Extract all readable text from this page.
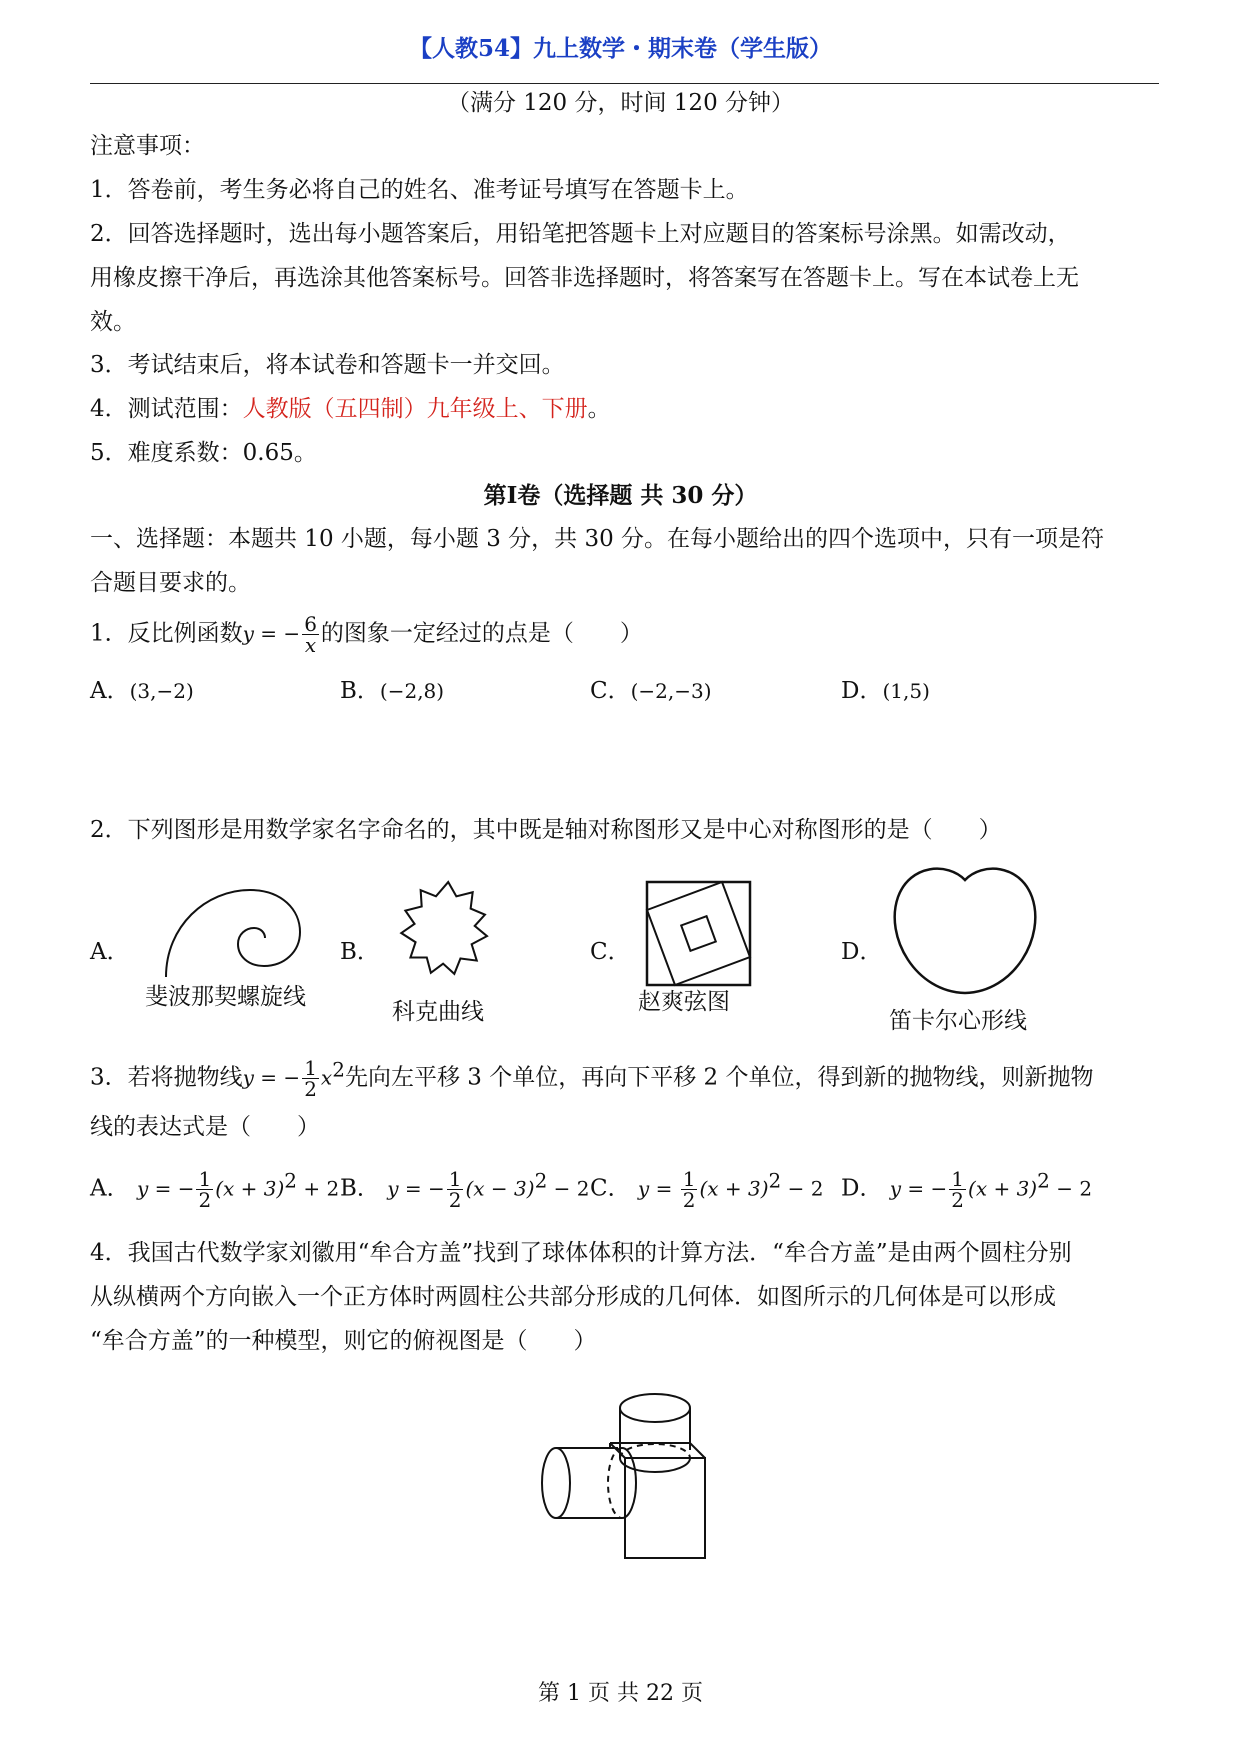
【人教54】九上数学・期末卷（学生版）
（满分 120 分，时间 120 分钟）
注意事项：
1．答卷前，考生务必将自己的姓名、准考证号填写在答题卡上。
2．回答选择题时，选出每小题答案后，用铅笔把答题卡上对应题目的答案标号涂黑。如需改动，
用橡皮擦干净后，再选涂其他答案标号。回答非选择题时，将答案写在答题卡上。写在本试卷上无
效。
3．考试结束后，将本试卷和答题卡一并交回。
4．测试范围：人教版（五四制）九年级上、下册。
5．难度系数：0.65。
第Ⅰ卷（选择题 共 30 分）
一、选择题：本题共 10 小题，每小题 3 分，共 30 分。在每小题给出的四个选项中，只有一项是符
合题目要求的。
1．反比例函数y = − $\frac{6}{x}$ 的图象一定经过的点是（　　）
A．(3,−2)	B．(−2,8)	C．(−2,−3)	D．(1,5)
2．下列图形是用数学家名字命名的，其中既是轴对称图形又是中心对称图形的是（　　）
A．
斐波那契螺旋线
B．
科克曲线
C．
赵爽弦图
D．
笛卡尔心形线
3．若将抛物线y = − $\frac{1}{2} x^2$先向左平移 3 个单位，再向下平移 2 个单位，得到新的抛物线，则新抛物
线的表达式是（　　）
A． y = − $\frac{1}{2} (x + 3)^2 + 2$ B． y = − $\frac{1}{2} (x - 3)^2 - 2$ C． $y = \frac{1}{2} (x + 3)^2 - 2$ D． y = − $\frac{1}{2} (x + 3)^2 - 2$
4．我国古代数学家刘徽用“牟合方盖”找到了球体体积的计算方法．“牟合方盖”是由两个圆柱分别
从纵横两个方向嵌入一个正方体时两圆柱公共部分形成的几何体．如图所示的几何体是可以形成
“牟合方盖”的一种模型，则它的俯视图是（　　）
第 1 页 共 22 页
